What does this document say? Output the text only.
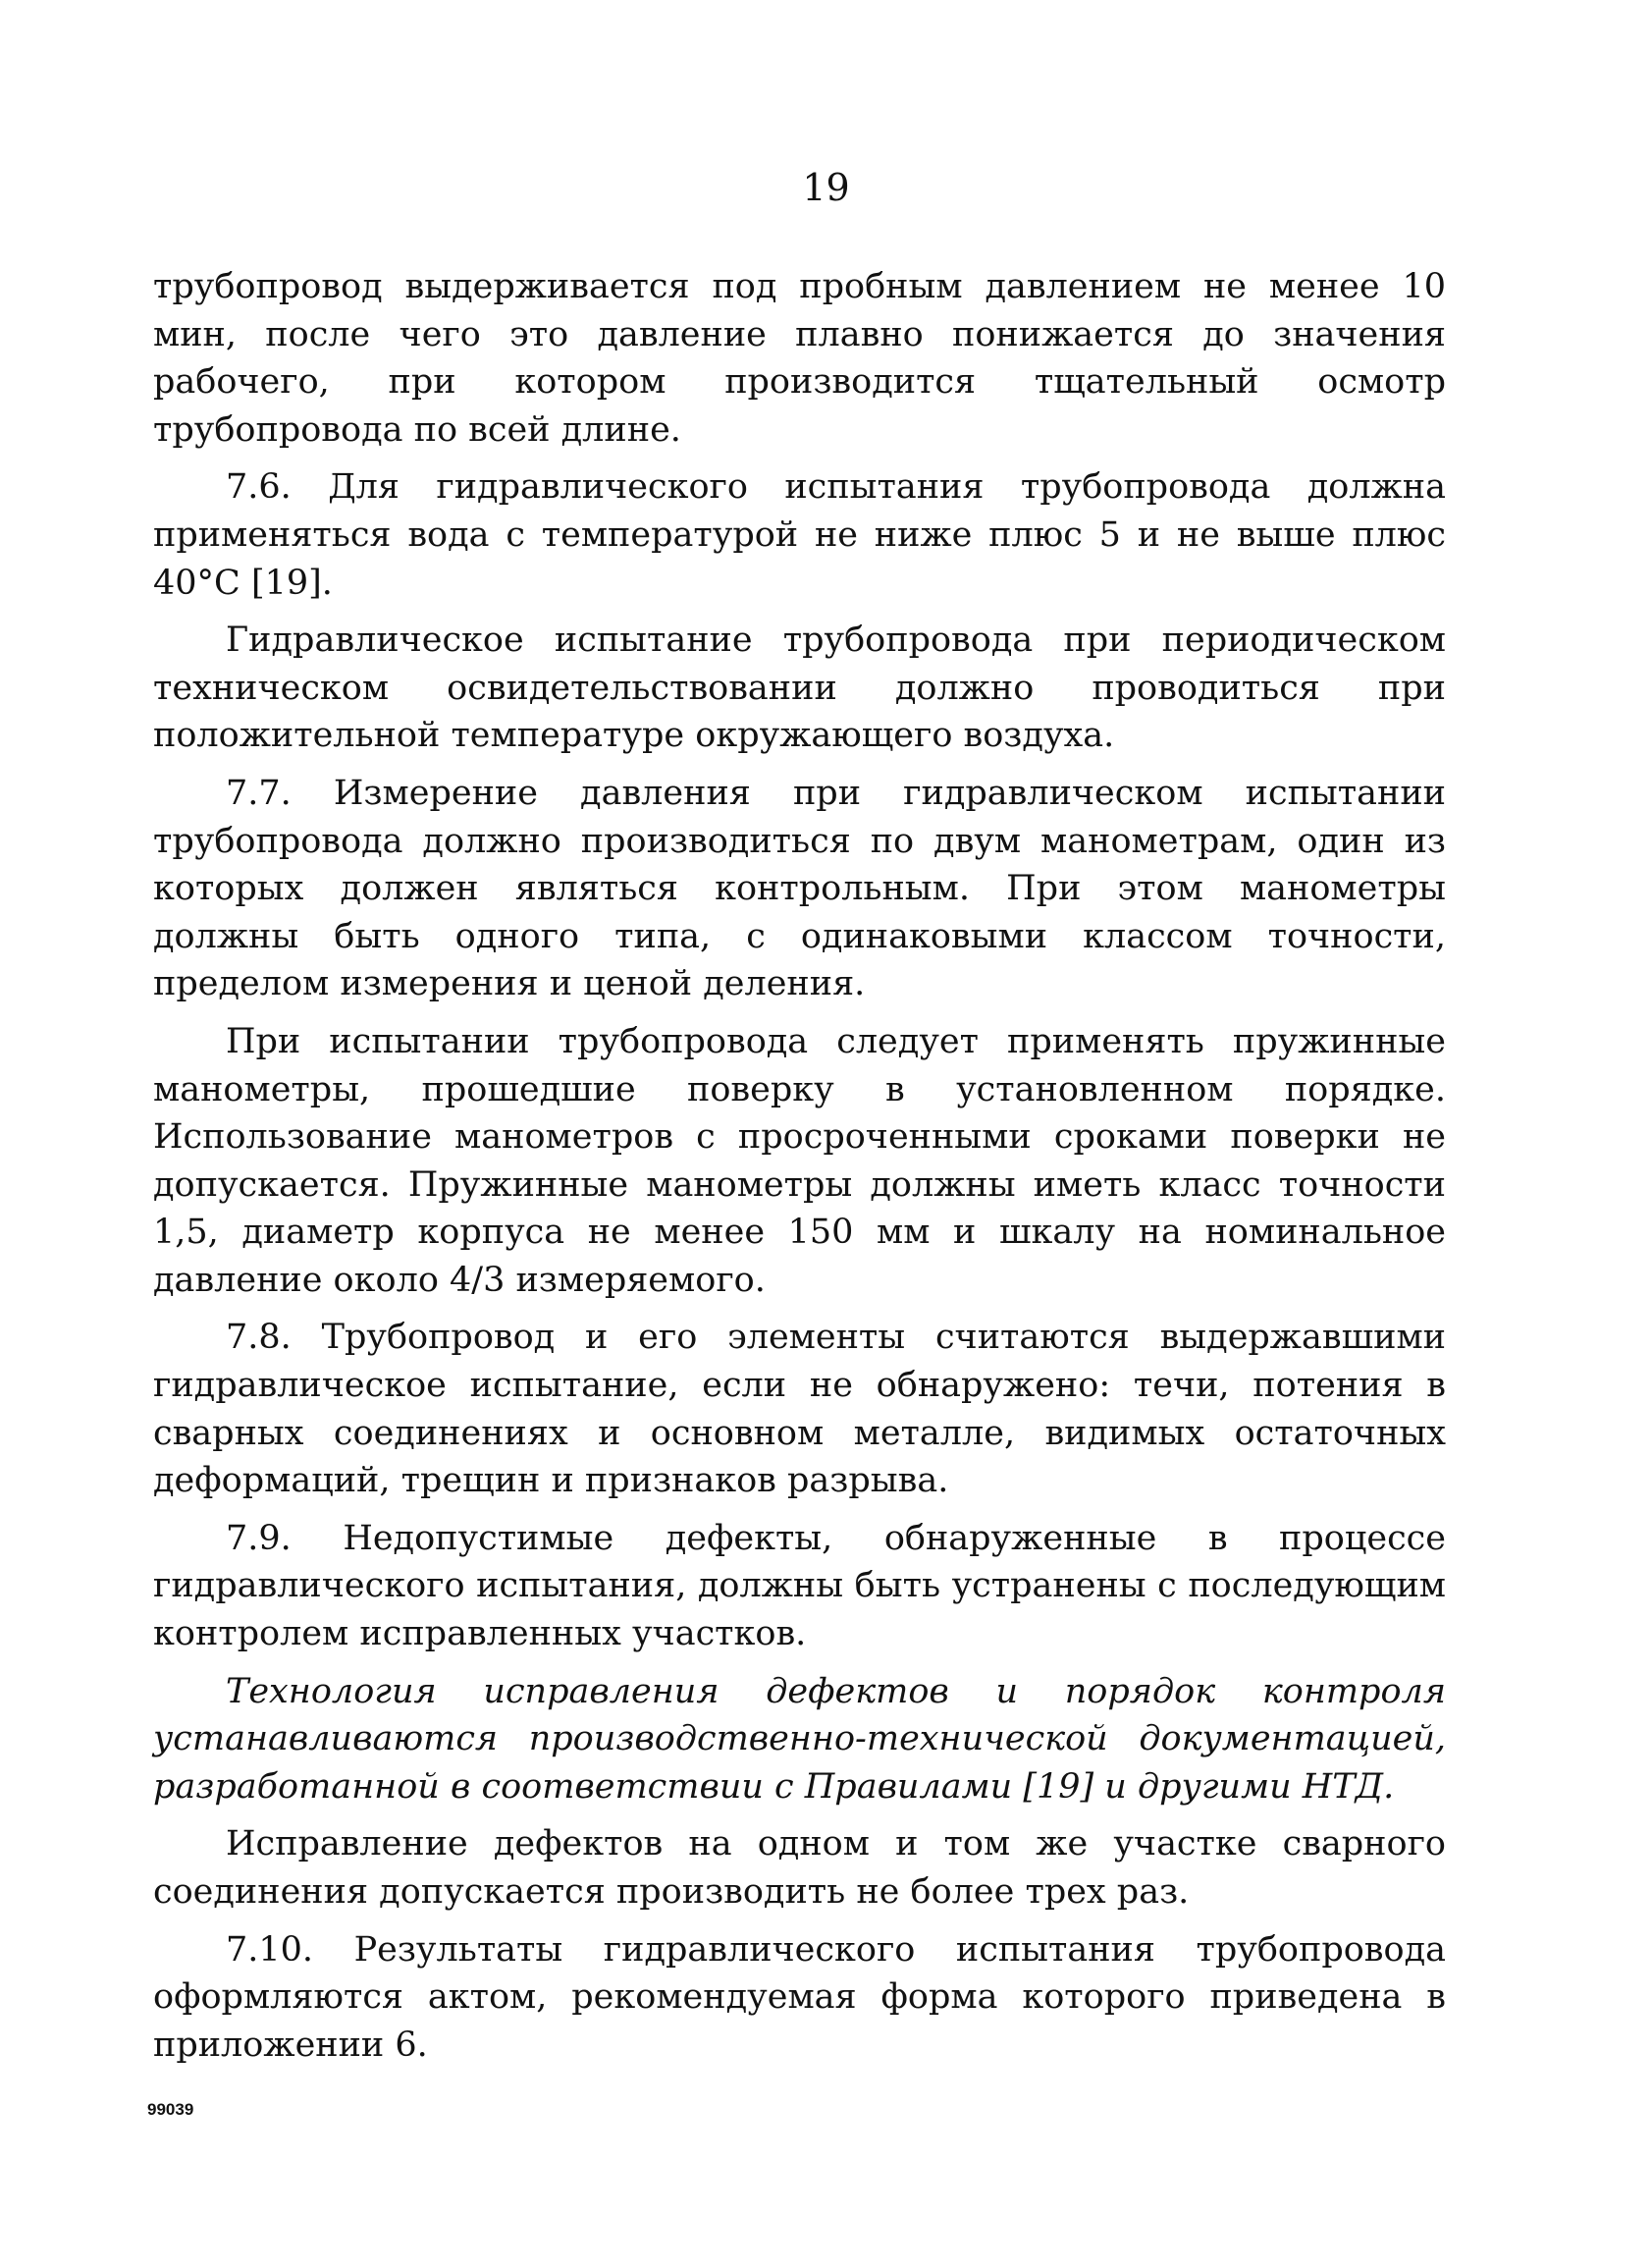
19

трубопровод выдерживается под пробным давлением не менее 10 мин, после чего это давление плавно понижается до значения рабочего, при котором производится тщательный осмотр трубопровода по всей длине.

7.6. Для гидравлического испытания трубопровода должна применяться вода с температурой не ниже плюс 5 и не выше плюс 40°С [19].

Гидравлическое испытание трубопровода при периодическом техническом освидетельствовании должно проводиться при положительной температуре окружающего воздуха.

7.7. Измерение давления при гидравлическом испытании трубопровода должно производиться по двум манометрам, один из которых должен являться контрольным. При этом манометры должны быть одного типа, с одинаковыми классом точности, пределом измерения и ценой деления.

При испытании трубопровода следует применять пружинные манометры, прошедшие поверку в установленном порядке. Использование манометров с просроченными сроками поверки не допускается. Пружинные манометры должны иметь класс точности 1,5, диаметр корпуса не менее 150 мм и шкалу на номинальное давление около 4/3 измеряемого.

7.8. Трубопровод и его элементы считаются выдержавшими гидравлическое испытание, если не обнаружено: течи, потения в сварных соединениях и основном металле, видимых остаточных деформаций, трещин и признаков разрыва.

7.9. Недопустимые дефекты, обнаруженные в процессе гидравлического испытания, должны быть устранены с последующим контролем исправленных участков.

Технология исправления дефектов и порядок контроля устанавливаются производственно-технической документацией, разработанной в соответствии с Правилами [19] и другими НТД.

Исправление дефектов на одном и том же участке сварного соединения допускается производить не более трех раз.

7.10. Результаты гидравлического испытания трубопровода оформляются актом, рекомендуемая форма которого приведена в приложении 6.

99039
